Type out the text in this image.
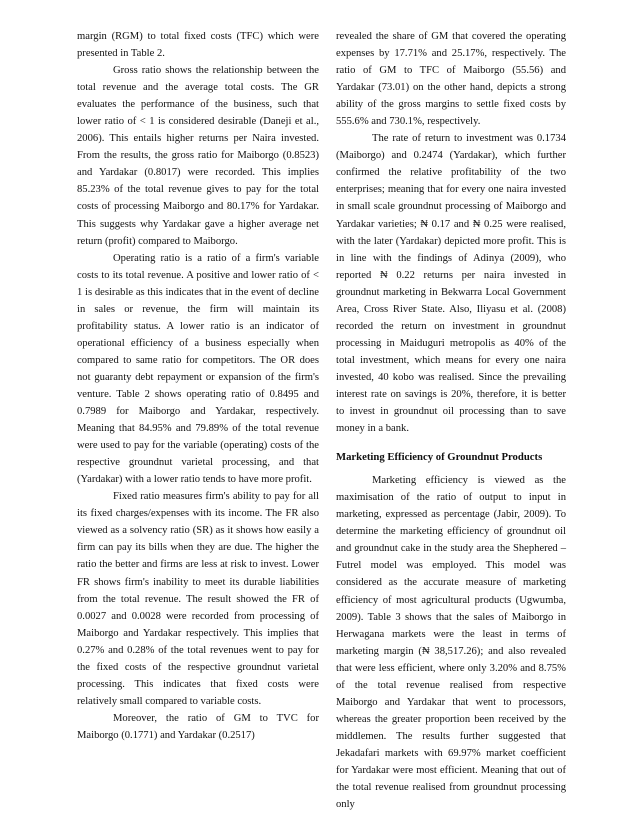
margin (RGM) to total fixed costs (TFC) which were presented in Table 2.

Gross ratio shows the relationship between the total revenue and the average total costs. The GR evaluates the performance of the business, such that lower ratio of < 1 is considered desirable (Daneji et al., 2006). This entails higher returns per Naira invested. From the results, the gross ratio for Maiborgo (0.8523) and Yardakar (0.8017) were recorded. This implies 85.23% of the total revenue gives to pay for the total costs of processing Maiborgo and 80.17% for Yardakar. This suggests why Yardakar gave a higher average net return (profit) compared to Maiborgo.

Operating ratio is a ratio of a firm's variable costs to its total revenue. A positive and lower ratio of < 1 is desirable as this indicates that in the event of decline in sales or revenue, the firm will maintain its profitability status. A lower ratio is an indicator of operational efficiency of a business especially when compared to same ratio for competitors. The OR does not guaranty debt repayment or expansion of the firm's venture. Table 2 shows operating ratio of 0.8495 and 0.7989 for Maiborgo and Yardakar, respectively. Meaning that 84.95% and 79.89% of the total revenue were used to pay for the variable (operating) costs of the respective groundnut varietal processing, and that (Yardakar) with a lower ratio tends to have more profit.

Fixed ratio measures firm's ability to pay for all its fixed charges/expenses with its income. The FR also viewed as a solvency ratio (SR) as it shows how easily a firm can pay its bills when they are due. The higher the ratio the better and firms are less at risk to invest. Lower FR shows firm's inability to meet its durable liabilities from the total revenue. The result showed the FR of 0.0027 and 0.0028 were recorded from processing of Maiborgo and Yardakar respectively. This implies that 0.27% and 0.28% of the total revenues went to pay for the fixed costs of the respective groundnut varietal processing. This indicates that fixed costs were relatively small compared to variable costs.

Moreover, the ratio of GM to TVC for Maiborgo (0.1771) and Yardakar (0.2517)

revealed the share of GM that covered the operating expenses by 17.71% and 25.17%, respectively. The ratio of GM to TFC of Maiborgo (55.56) and Yardakar (73.01) on the other hand, depicts a strong ability of the gross margins to settle fixed costs by 555.6% and 730.1%, respectively.

The rate of return to investment was 0.1734 (Maiborgo) and 0.2474 (Yardakar), which further confirmed the relative profitability of the two enterprises; meaning that for every one naira invested in small scale groundnut processing of Maiborgo and Yardakar varieties; ₦ 0.17 and ₦ 0.25 were realised, with the later (Yardakar) depicted more profit. This is in line with the findings of Adinya (2009), who reported ₦ 0.22 returns per naira invested in groundnut marketing in Bekwarra Local Government Area, Cross River State. Also, Iliyasu et al. (2008) recorded the return on investment in groundnut processing in Maiduguri metropolis as 40% of the total investment, which means for every one naira invested, 40 kobo was realised. Since the prevailing interest rate on savings is 20%, therefore, it is better to invest in groundnut oil processing than to save money in a bank.

Marketing Efficiency of Groundnut Products

Marketing efficiency is viewed as the maximisation of the ratio of output to input in marketing, expressed as percentage (Jabir, 2009). To determine the marketing efficiency of groundnut oil and groundnut cake in the study area the Shephered – Futrel model was employed. This model was considered as the accurate measure of marketing efficiency of most agricultural products (Ugwumba, 2009). Table 3 shows that the sales of Maiborgo in Herwagana markets were the least in terms of marketing margin (₦ 38,517.26); and also revealed that were less efficient, where only 3.20% and 8.75% of the total revenue realised from respective Maiborgo and Yardakar that went to processors, whereas the greater proportion been received by the middlemen. The results further suggested that Jekadafari markets with 69.97% market coefficient for Yardakar were most efficient. Meaning that out of the total revenue realised from groundnut processing only
